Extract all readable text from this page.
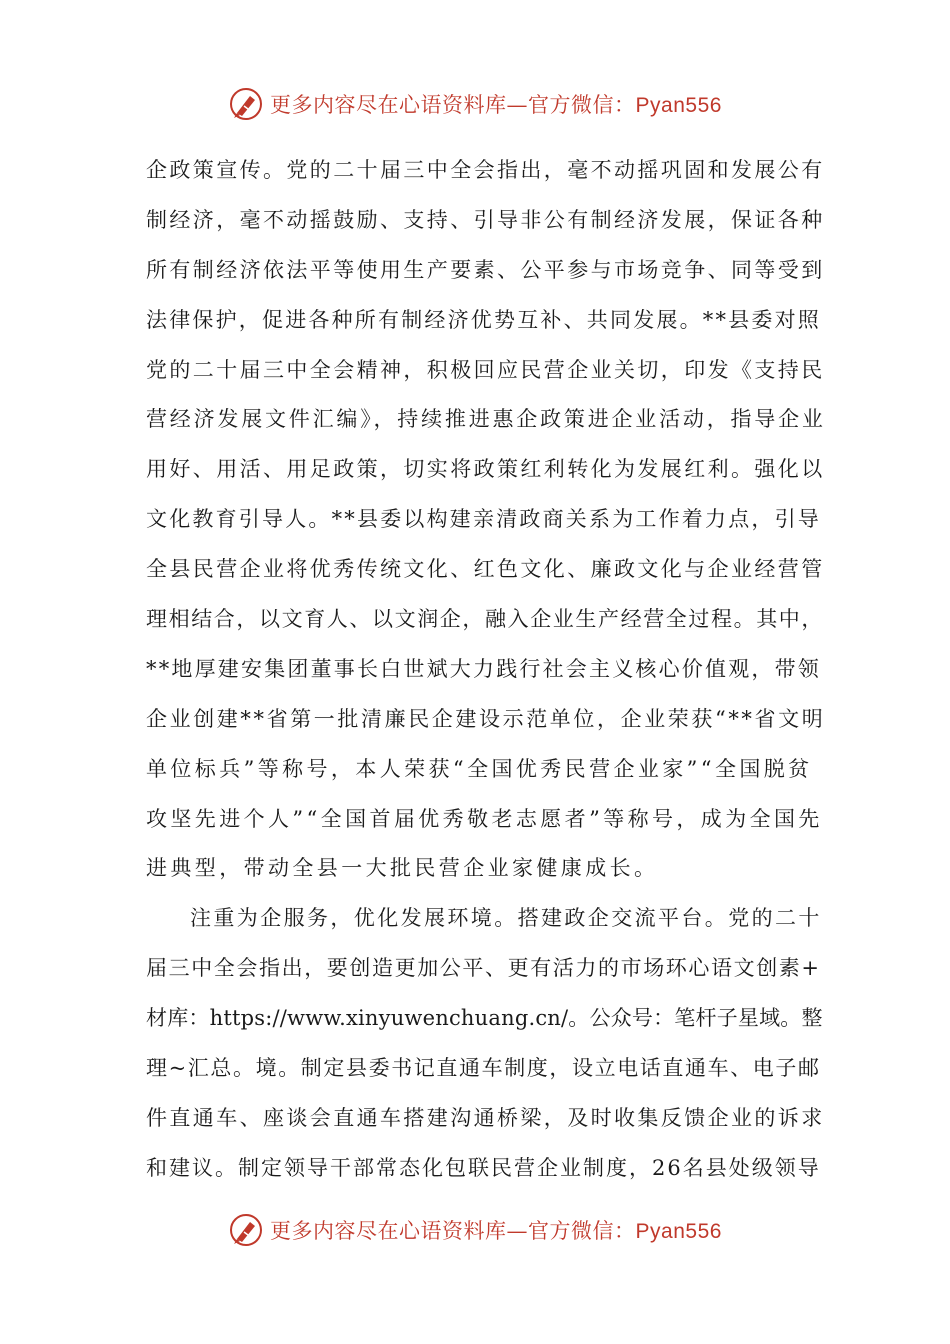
更多内容尽在心语资料库—官方微信：Pyan556
企政策宣传。党的二十届三中全会指出，毫不动摇巩固和发展公有
制经济，毫不动摇鼓励、支持、引导非公有制经济发展，保证各种
所有制经济依法平等使用生产要素、公平参与市场竞争、同等受到
法律保护，促进各种所有制经济优势互补、共同发展。**县委对照
党的二十届三中全会精神，积极回应民营企业关切，印发《支持民
营经济发展文件汇编》，持续推进惠企政策进企业活动，指导企业
用好、用活、用足政策，切实将政策红利转化为发展红利。强化以
文化教育引导人。**县委以构建亲清政商关系为工作着力点，引导
全县民营企业将优秀传统文化、红色文化、廉政文化与企业经营管
理相结合，以文育人、以文润企，融入企业生产经营全过程。其中，
**地厚建安集团董事长白世斌大力践行社会主义核心价值观，带领
企业创建**省第一批清廉民企建设示范单位，企业荣获“**省文明
单位标兵”等称号，本人荣获“全国优秀民营企业家”“全国脱贫
攻坚先进个人”“全国首届优秀敬老志愿者”等称号，成为全国先
进典型，带动全县一大批民营企业家健康成长。
注重为企服务，优化发展环境。搭建政企交流平台。党的二十
届三中全会指出，要创造更加公平、更有活力的市场环心语文创素+
材库：https://www.xinyuwenchuang.cn/。公众号：笔杆子星域。整
理~汇总。境。制定县委书记直通车制度，设立电话直通车、电子邮
件直通车、座谈会直通车搭建沟通桥梁，及时收集反馈企业的诉求
和建议。制定领导干部常态化包联民营企业制度，26名县处级领导
更多内容尽在心语资料库—官方微信：Pyan556
